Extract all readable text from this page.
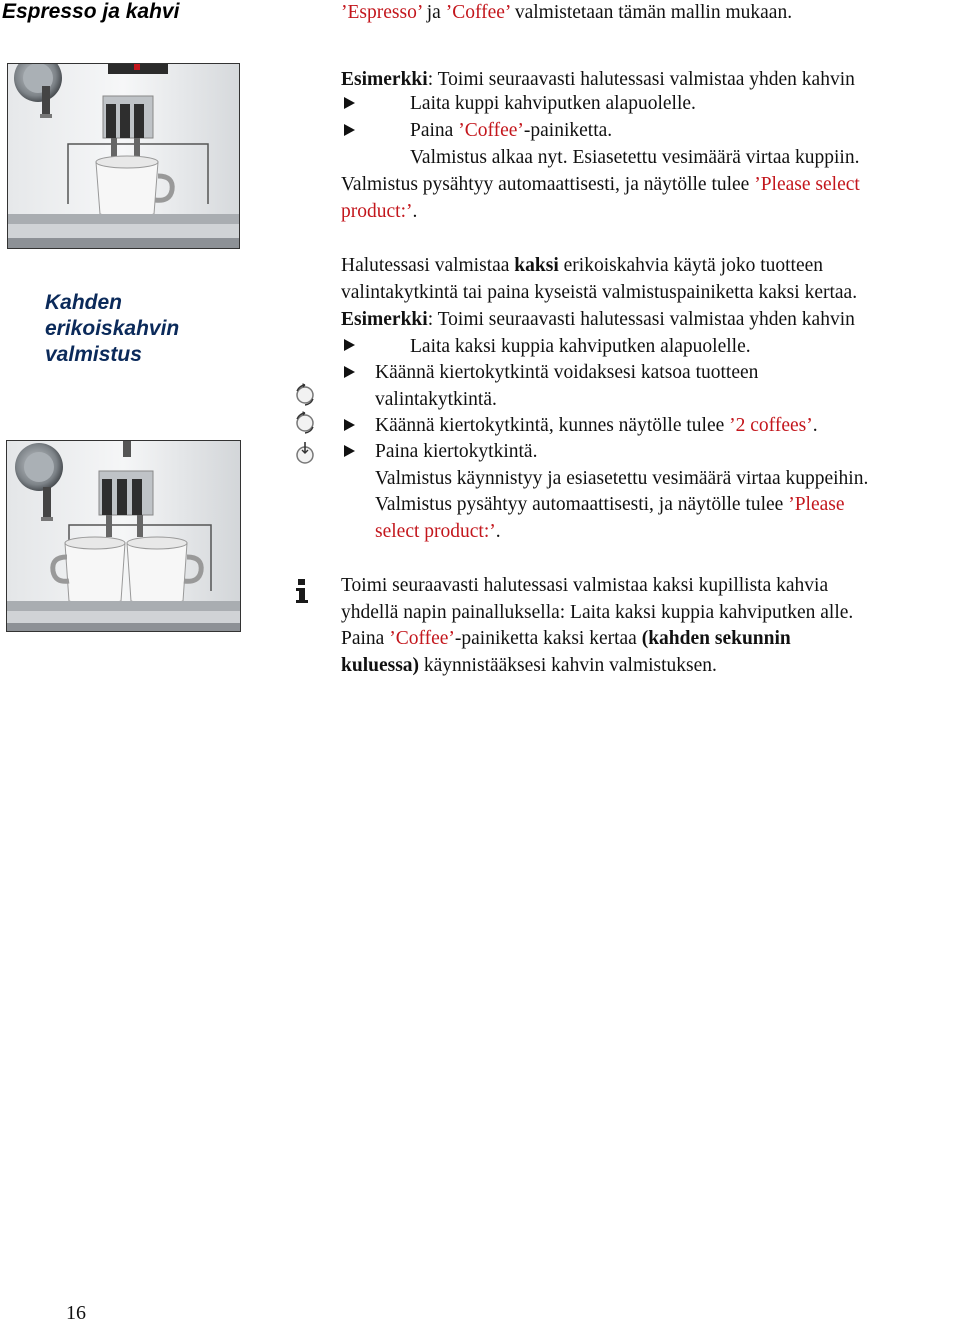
Espresso ja kahvi	’Espresso’ ja ’Coffee’ valmistetaan tämän mallin mukaan.
Esimerkki: Toimi seuraavasti halutessasi valmistaa yhden kahvin
Laita kuppi kahviputken alapuolelle.
Paina ’Coffee’-painiketta.
Valmistus alkaa nyt. Esiasetettu vesimäärä virtaa kuppiin.
Valmistus pysähtyy automaattisesti, ja näytölle tulee ’Please select
product:’.
Kahden
erikoiskahvin
valmistus
Halutessasi valmistaa kaksi erikoiskahvia käytä joko tuotteen
valintakytkintä tai paina kyseistä valmistuspainiketta kaksi kertaa.
Esimerkki: Toimi seuraavasti halutessasi valmistaa yhden kahvin
Laita kaksi kuppia kahviputken alapuolelle.
Käännä kiertokytkintä voidaksesi katsoa tuotteen
valintakytkintä.
Käännä kiertokytkintä, kunnes näytölle tulee ’2 coffees’.
Paina kiertokytkintä.
Valmistus käynnistyy ja esiasetettu vesimäärä virtaa kuppeihin.
Valmistus pysähtyy automaattisesti, ja näytölle tulee ’Please
select product:’.
Toimi seuraavasti halutessasi valmistaa kaksi kupillista kahvia
yhdellä napin painalluksella: Laita kaksi kuppia kahviputken alle.
Paina ’Coffee’-painiketta kaksi kertaa (kahden sekunnin
kuluessa) käynnistääksesi kahvin valmistuksen.
16
